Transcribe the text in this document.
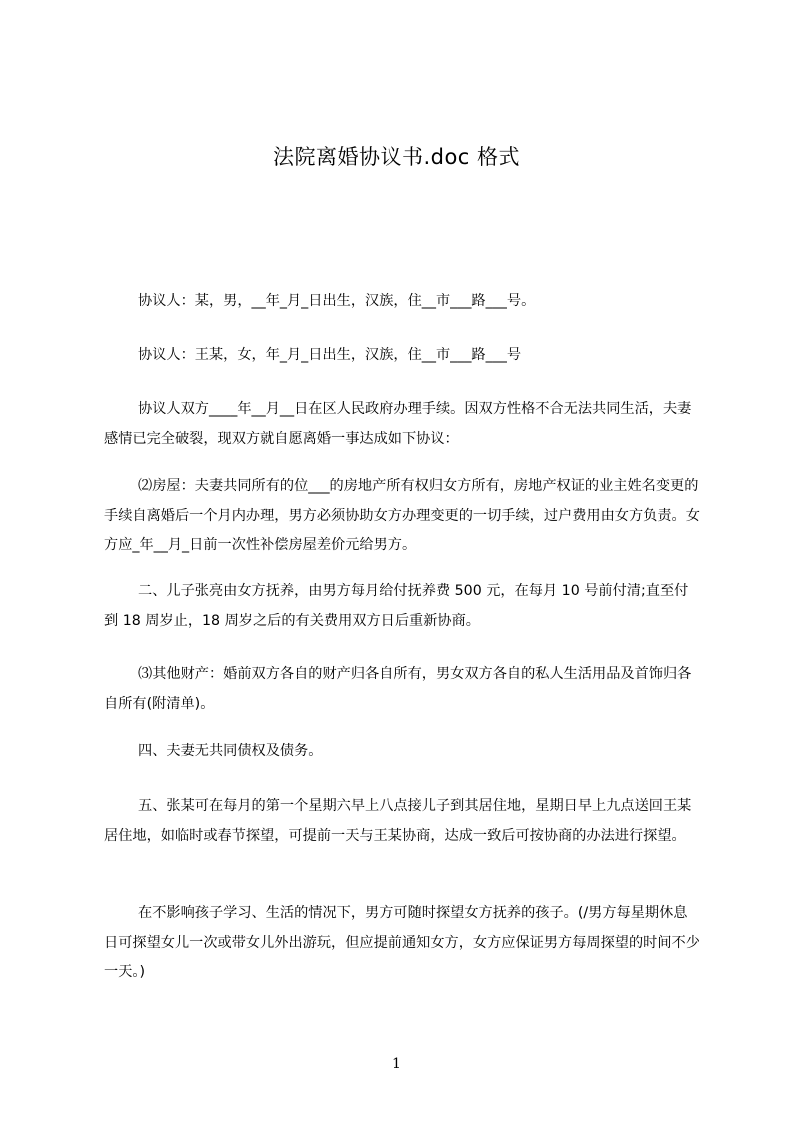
法院离婚协议书.doc 格式
协议人：某，男，__年_月_日出生，汉族，住__市___路___号。
协议人：王某，女，年_月_日出生，汉族，住__市___路___号
协议人双方____年__月__日在区人民政府办理手续。因双方性格不合无法共同生活，夫妻感情已完全破裂，现双方就自愿离婚一事达成如下协议：
⑵房屋：夫妻共同所有的位___的房地产所有权归女方所有，房地产权证的业主姓名变更的手续自离婚后一个月内办理，男方必须协助女方办理变更的一切手续，过户费用由女方负责。女方应_年__月_日前一次性补偿房屋差价元给男方。
二、儿子张亮由女方抚养，由男方每月给付抚养费 500 元，在每月 10 号前付清;直至付到 18 周岁止，18 周岁之后的有关费用双方日后重新协商。
⑶其他财产：婚前双方各自的财产归各自所有，男女双方各自的私人生活用品及首饰归各自所有(附清单)。
四、夫妻无共同债权及债务。
五、张某可在每月的第一个星期六早上八点接儿子到其居住地，星期日早上九点送回王某居住地，如临时或春节探望，可提前一天与王某协商，达成一致后可按协商的办法进行探望。
在不影响孩子学习、生活的情况下，男方可随时探望女方抚养的孩子。(/男方每星期休息日可探望女儿一次或带女儿外出游玩，但应提前通知女方，女方应保证男方每周探望的时间不少一天。)
1
